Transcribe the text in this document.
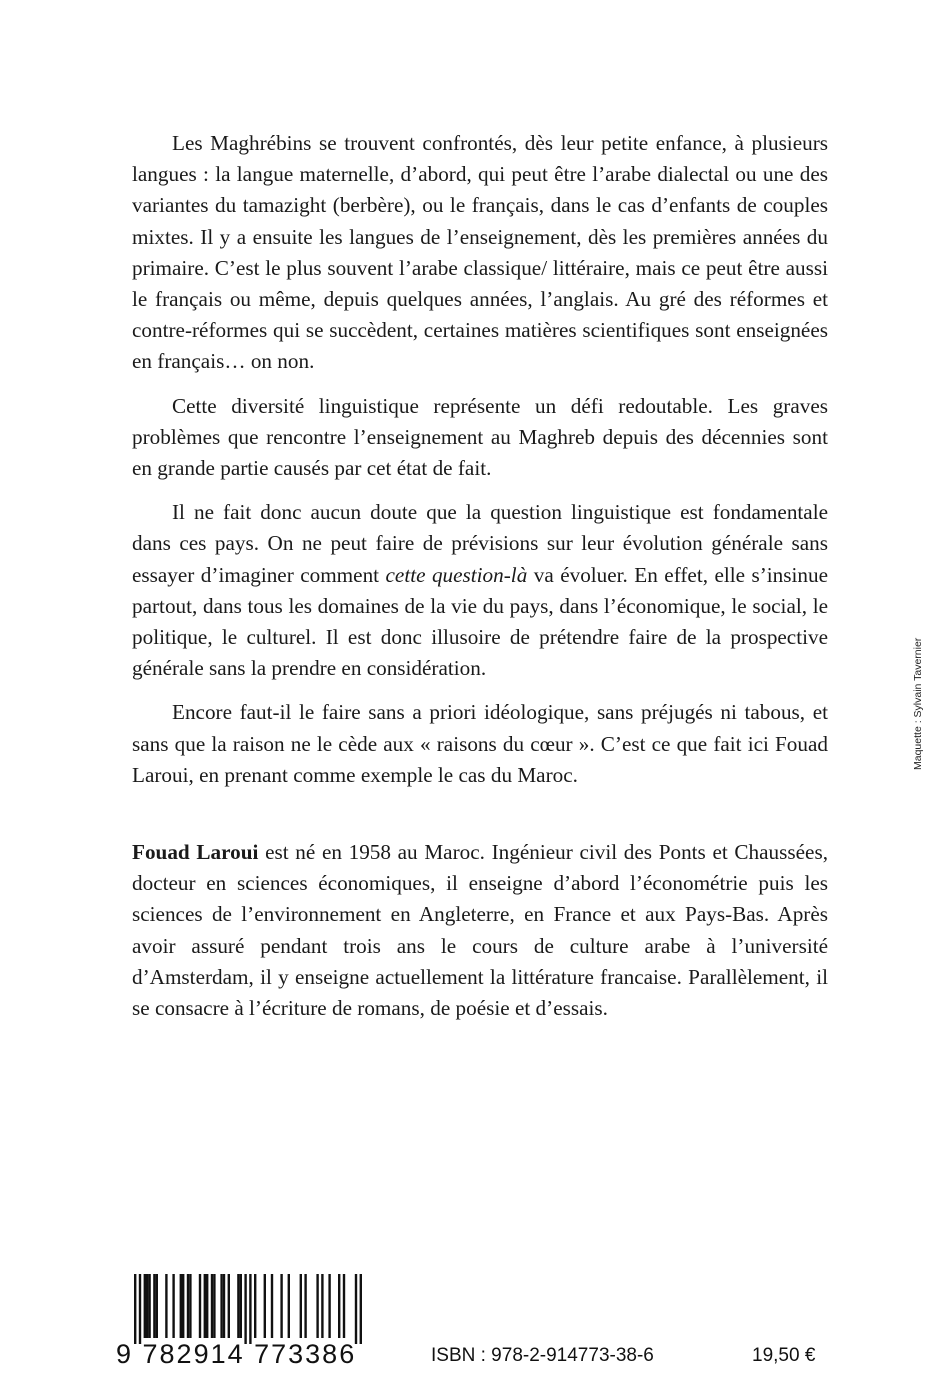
Les Maghrébins se trouvent confrontés, dès leur petite enfance, à plusieurs langues : la langue maternelle, d’abord, qui peut être l’arabe dialectal ou une des variantes du tamazight (berbère), ou le français, dans le cas d’enfants de couples mixtes. Il y a ensuite les langues de l’enseignement, dès les premières années du primaire. C’est le plus souvent l’arabe classique/ littéraire, mais ce peut être aussi le français ou même, depuis quelques années, l’anglais. Au gré des réformes et contre-réformes qui se succèdent, certaines matières scientifiques sont enseignées en français… on non.

Cette diversité linguistique représente un défi redoutable. Les graves problèmes que rencontre l’enseignement au Maghreb depuis des décennies sont en grande partie causés par cet état de fait.

Il ne fait donc aucun doute que la question linguistique est fondamentale dans ces pays. On ne peut faire de prévisions sur leur évolution générale sans essayer d’imaginer comment cette question-là va évoluer. En effet, elle s’insinue partout, dans tous les domaines de la vie du pays, dans l’économique, le social, le politique, le culturel. Il est donc illusoire de prétendre faire de la prospective générale sans la prendre en considération.

Encore faut-il le faire sans a priori idéologique, sans préjugés ni tabous, et sans que la raison ne le cède aux « raisons du cœur ». C’est ce que fait ici Fouad Laroui, en prenant comme exemple le cas du Maroc.

Fouad Laroui est né en 1958 au Maroc. Ingénieur civil des Ponts et Chaussées, docteur en sciences économiques, il enseigne d’abord l’économétrie puis les sciences de l’environnement en Angleterre, en France et aux Pays-Bas. Après avoir assuré pendant trois ans le cours de culture arabe à l’université d’Amsterdam, il y enseigne actuellement la littérature francaise. Parallèlement, il se consacre à l’écriture de romans, de poésie et d’essais.

Maquette : Sylvain Tavernier
9 782914 773386	ISBN : 978-2-914773-38-6	19,50 €
